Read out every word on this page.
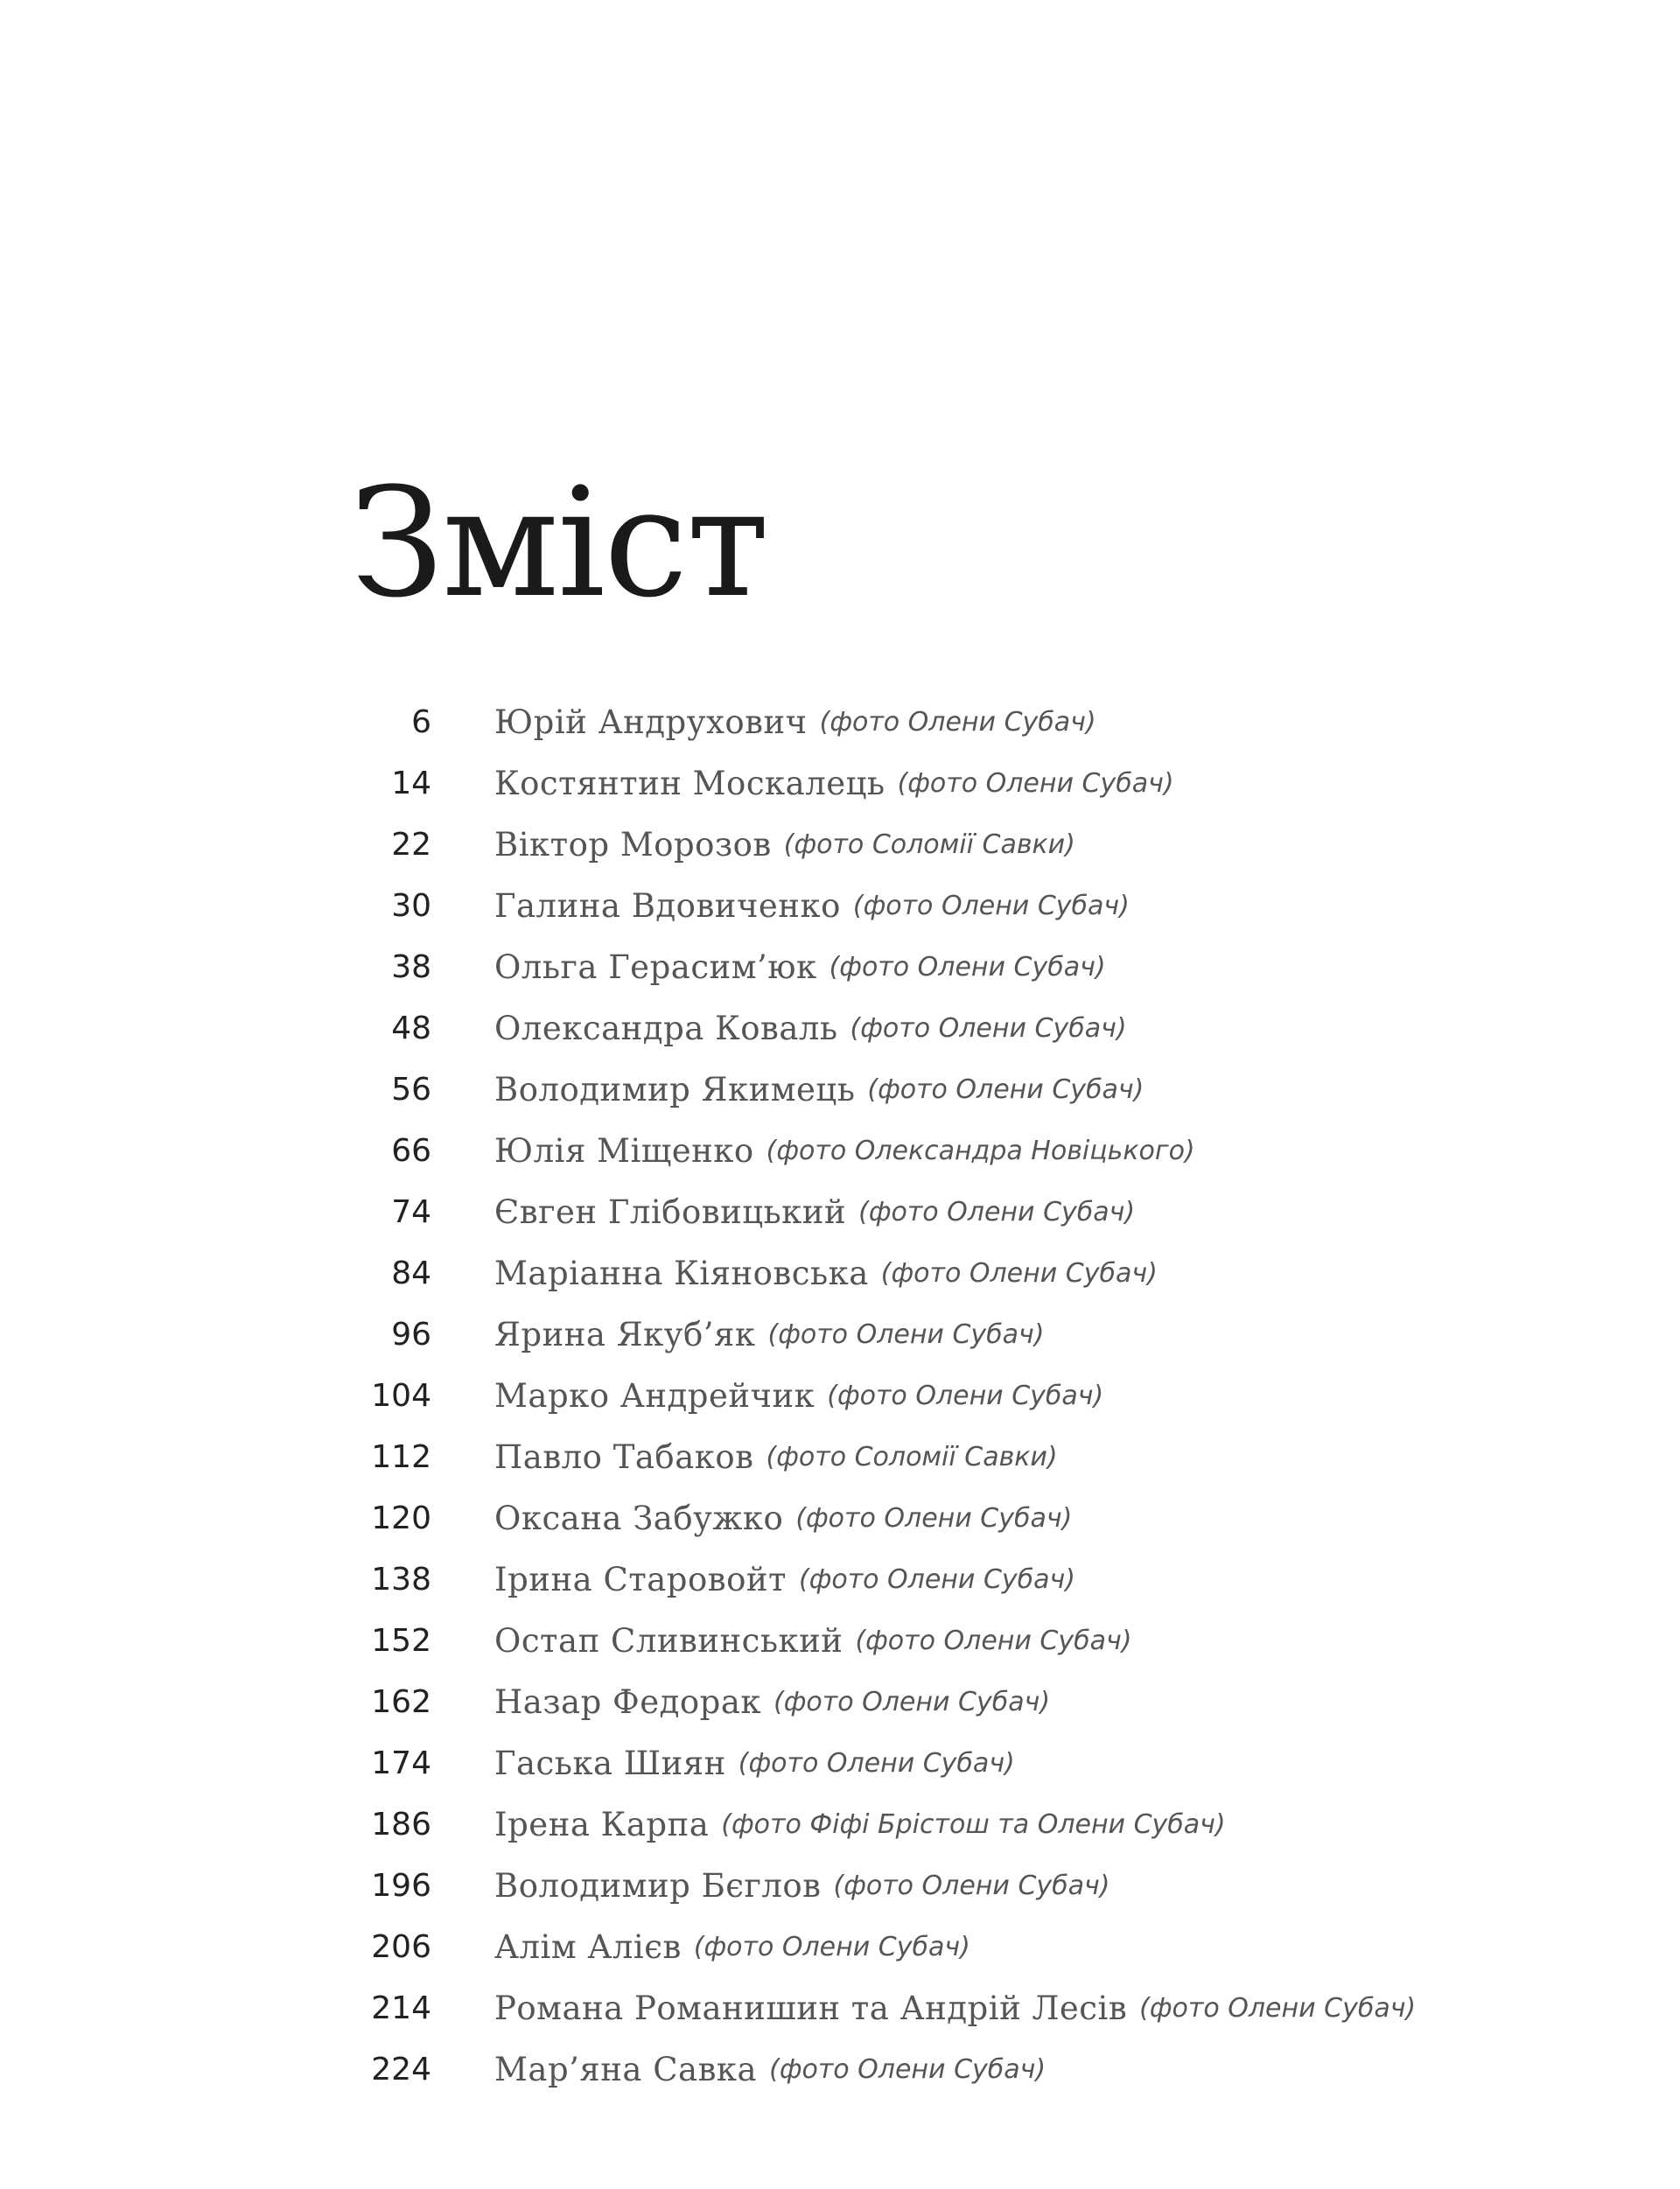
Зміст
6 Юрій Андрухович (фото Олени Субач)
14 Костянтин Москалець (фото Олени Субач)
22 Віктор Морозов (фото Соломії Савки)
30 Галина Вдовиченко (фото Олени Субач)
38 Ольга Герасим’юк (фото Олени Субач)
48 Олександра Коваль (фото Олени Субач)
56 Володимир Якимець (фото Олени Субач)
66 Юлія Міщенко (фото Олександра Новіцького)
74 Євген Глібовицький (фото Олени Субач)
84 Маріанна Кіяновська (фото Олени Субач)
96 Ярина Якуб’як (фото Олени Субач)
104 Марко Андрейчик (фото Олени Субач)
112 Павло Табаков (фото Соломії Савки)
120 Оксана Забужко (фото Олени Субач)
138 Ірина Старовойт (фото Олени Субач)
152 Остап Сливинський (фото Олени Субач)
162 Назар Федорак (фото Олени Субач)
174 Гаська Шиян (фото Олени Субач)
186 Ірена Карпа (фото Фіфі Брістош та Олени Субач)
196 Володимир Бєглов (фото Олени Субач)
206 Алім Алієв (фото Олени Субач)
214 Романа Романишин та Андрій Лесів (фото Олени Субач)
224 Мар’яна Савка (фото Олени Субач)
